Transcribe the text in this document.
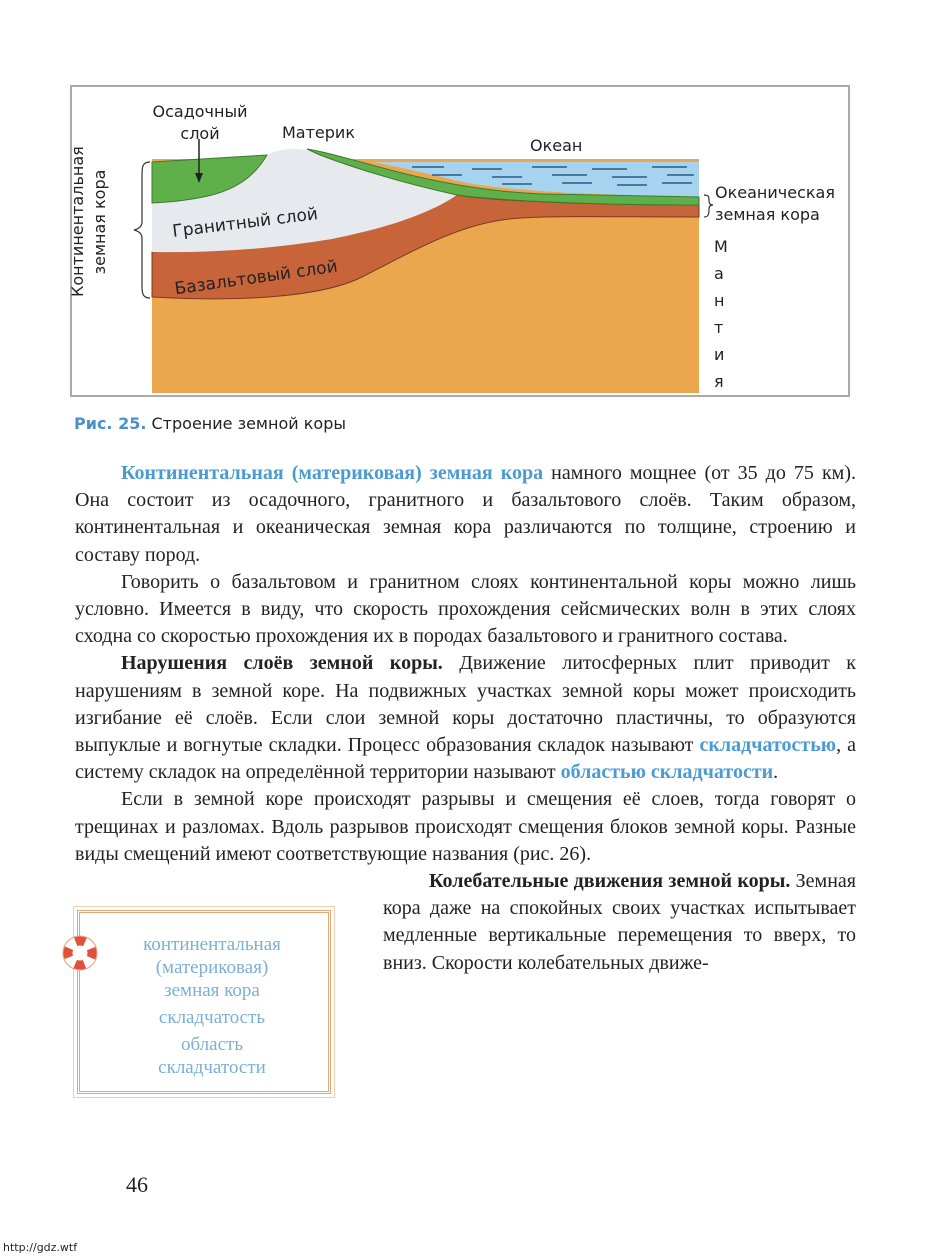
Осадочный
слой	Материк
Океан
Океаническая
земная кора
Континентальная земная кора	Гранитный слой
Базальтовый слой
М
а
н
т
и
я
Рис. 25. Строение земной коры

Континентальная (материковая) земная кора намного мощнее (от 35 до 75 км). Она состоит из осадочного, гранитного и базальтового слоёв. Таким образом, континентальная и океаническая земная кора различаются по толщине, строению и составу пород.

Говорить о базальтовом и гранитном слоях континентальной коры можно лишь условно. Имеется в виду, что скорость прохождения сейсмических волн в этих слоях сходна со скоростью прохождения их в породах базальтового и гранитного состава.

Нарушения слоёв земной коры. Движение литосферных плит приводит к нарушениям в земной коре. На подвижных участках земной коры может происходить изгибание её слоёв. Если слои земной коры достаточно пластичны, то образуются выпуклые и вогнутые складки. Процесс образования складок называют складчатостью, а систему складок на определённой территории называют областью складчатости.

Если в земной коре происходят разрывы и смещения её слоев, тогда говорят о трещинах и разломах. Вдоль разрывов происходят смещения блоков земной коры. Разные виды смещений имеют соответствующие названия (рис. 26).

континентальная
(материковая)
земная кора
складчатость
область
складчатости

Колебательные движения земной коры. Земная кора даже на спокойных своих участках испытывает медленные вертикальные перемещения то вверх, то вниз. Скорости колебательных движе-

46
http://gdz.wtf
